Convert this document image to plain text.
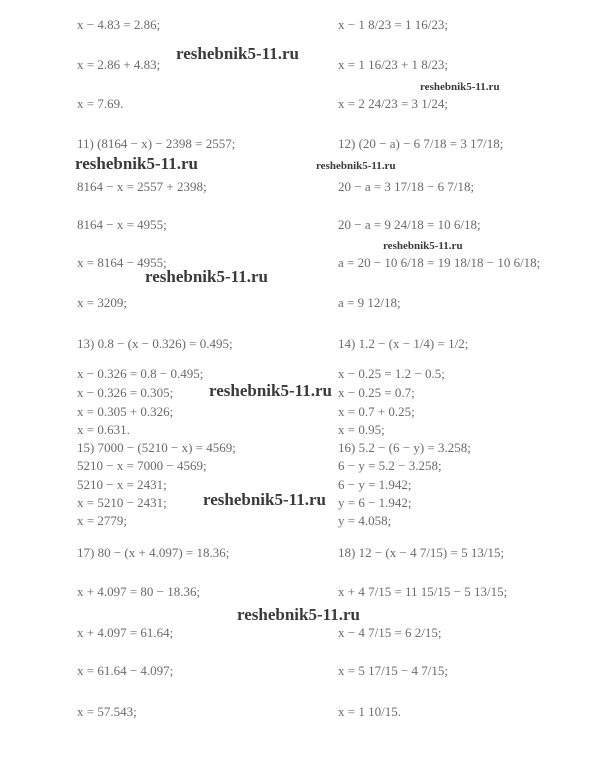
x − 4.83 = 2.86;
x = 2.86 + 4.83;
x = 7.69.
11) (8164 − x) − 2398 = 2557;
8164 − x = 2557 + 2398;
8164 − x = 4955;
x = 8164 − 4955;
x = 3209;
13) 0.8 − (x − 0.326) = 0.495;
x − 0.326 = 0.8 − 0.495;
x − 0.326 = 0.305;
x = 0.305 + 0.326;
x = 0.631.
15) 7000 − (5210 − x) = 4569;
5210 − x = 7000 − 4569;
5210 − x = 2431;
x = 5210 − 2431;
x = 2779;
17) 80 − (x + 4.097) = 18.36;
x + 4.097 = 80 − 18.36;
x + 4.097 = 61.64;
x = 61.64 − 4.097;
x = 57.543;
x − 1 8/23 = 1 16/23;
x = 1 16/23 + 1 8/23;
x = 2 24/23 = 3 1/24;
12) (20 − a) − 6 7/18 = 3 17/18;
20 − a = 3 17/18 − 6 7/18;
20 − a = 9 24/18 = 10 6/18;
a = 20 − 10 6/18 = 19 18/18 − 10 6/18;
a = 9 12/18;
14) 1.2 − (x − 1/4) = 1/2;
x − 0.25 = 1.2 − 0.5;
x − 0.25 = 0.7;
x = 0.7 + 0.25;
x = 0.95;
16) 5.2 − (6 − y) = 3.258;
6 − y = 5.2 − 3.258;
6 − y = 1.942;
y = 6 − 1.942;
y = 4.058;
18) 12 − (x − 4 7/15) = 5 13/15;
x + 4 7/15 = 11 15/15 − 5 13/15;
x − 4 7/15 = 6 2/15;
x = 5 17/15 − 4 7/15;
x = 1 10/15.
reshebnik5-11.ru
reshebnik5-11.ru
reshebnik5-11.ru	reshebnik5-11.ru
reshebnik5-11.ru
reshebnik5-11.ru
reshebnik5-11.ru
reshebnik5-11.ru
reshebnik5-11.ru
